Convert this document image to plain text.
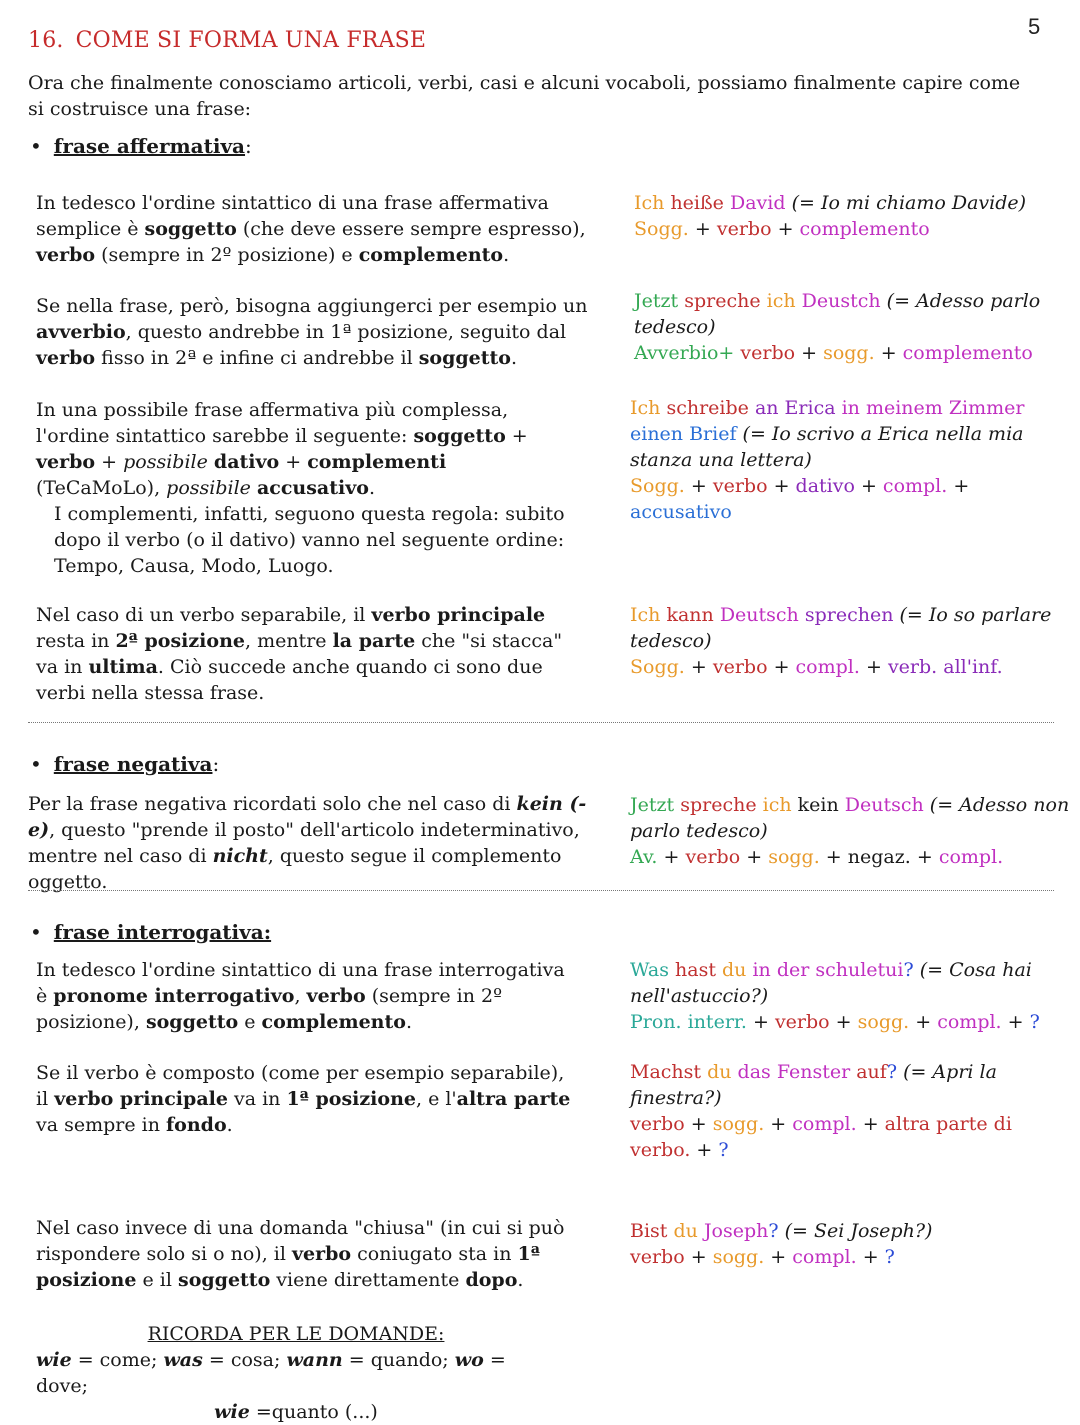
5
16. COME SI FORMA UNA FRASE
Ora che finalmente conosciamo articoli, verbi, casi e alcuni vocaboli, possiamo finalmente capire come si costruisce una frase:
• frase affermativa:
In tedesco l'ordine sintattico di una frase affermativa semplice è soggetto (che deve essere sempre espresso), verbo (sempre in 2º posizione) e complemento.
Ich heiße David (= Io mi chiamo Davide)
Sogg. + verbo + complemento
Se nella frase, però, bisogna aggiungerci per esempio un avverbio, questo andrebbe in 1ª posizione, seguito dal verbo fisso in 2ª e infine ci andrebbe il soggetto.
Jetzt spreche ich Deustch (= Adesso parlo tedesco)
Avverbio+ verbo + sogg. + complemento
In una possibile frase affermativa più complessa, l'ordine sintattico sarebbe il seguente: soggetto + verbo + possibile dativo + complementi (TeCaMoLo), possibile accusativo.
I complementi, infatti, seguono questa regola: subito dopo il verbo (o il dativo) vanno nel seguente ordine: Tempo, Causa, Modo, Luogo.
Ich schreibe an Erica in meinem Zimmer einen Brief (= Io scrivo a Erica nella mia stanza una lettera)
Sogg. + verbo + dativo + compl. + accusativo
Nel caso di un verbo separabile, il verbo principale resta in 2ª posizione, mentre la parte che "si stacca" va in ultima. Ciò succede anche quando ci sono due verbi nella stessa frase.
Ich kann Deutsch sprechen (= Io so parlare tedesco)
Sogg. + verbo + compl. + verb. all'inf.
• frase negativa:
Per la frase negativa ricordati solo che nel caso di kein (-e), questo "prende il posto" dell'articolo indeterminativo, mentre nel caso di nicht, questo segue il complemento oggetto.
Jetzt spreche ich kein Deutsch (= Adesso non parlo tedesco)
Av. + verbo + sogg. + negaz. + compl.
• frase interrogativa:
In tedesco l'ordine sintattico di una frase interrogativa è pronome interrogativo, verbo (sempre in 2º posizione), soggetto e complemento.
Was hast du in der schuletui? (= Cosa hai nell'astuccio?)
Pron. interr. + verbo + sogg. + compl. + ?
Se il verbo è composto (come per esempio separabile), il verbo principale va in 1ª posizione, e l'altra parte va sempre in fondo.
Machst du das Fenster auf? (= Apri la finestra?)
verbo + sogg. + compl. + altra parte di verbo. + ?
Nel caso invece di una domanda "chiusa" (in cui si può rispondere solo si o no), il verbo coniugato sta in 1ª posizione e il soggetto viene direttamente dopo.
Bist du Joseph? (= Sei Joseph?)
verbo + sogg. + compl. + ?
RICORDA PER LE DOMANDE:
wie = come; was = cosa; wann = quando; wo = dove;
wie =quanto (...)
